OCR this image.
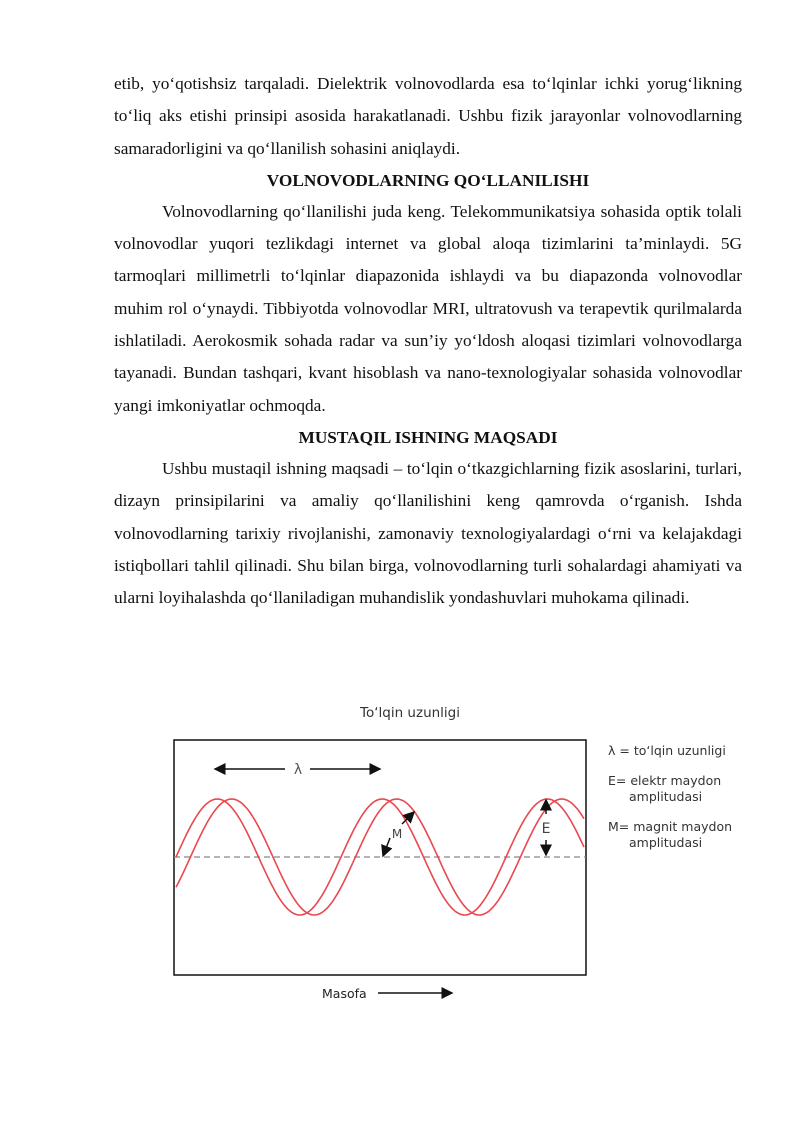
etib, yo‘qotishsiz tarqaladi. Dielektrik volnovodlarda esa to‘lqinlar ichki yorug‘likning to‘liq aks etishi prinsipi asosida harakatlanadi. Ushbu fizik jarayonlar volnovodlarning samaradorligini va qo‘llanilish sohasini aniqlaydi.

VOLNOVODLARNING QO‘LLANILISHI

Volnovodlarning qo‘llanilishi juda keng. Telekommunikatsiya sohasida optik tolali volnovodlar yuqori tezlikdagi internet va global aloqa tizimlarini ta’minlaydi. 5G tarmoqlari millimetrli to‘lqinlar diapazonida ishlaydi va bu diapazonda volnovodlar muhim rol o‘ynaydi. Tibbiyotda volnovodlar MRI, ultratovush va terapevtik qurilmalarda ishlatiladi. Aerokosmik sohada radar va sun’iy yo‘ldosh aloqasi tizimlari volnovodlarga tayanadi. Bundan tashqari, kvant hisoblash va nano-texnologiyalar sohasida volnovodlar yangi imkoniyatlar ochmoqda.

MUSTAQIL ISHNING MAQSADI

Ushbu mustaqil ishning maqsadi – to‘lqin o‘tkazgichlarning fizik asoslarini, turlari, dizayn prinsipilarini va amaliy qo‘llanilishini keng qamrovda o‘rganish. Ishda volnovodlarning tarixiy rivojlanishi, zamonaviy texnologiyalardagi o‘rni va kelajakdagi istiqbollari tahlil qilinadi. Shu bilan birga, volnovodlarning turli sohalardagi ahamiyati va ularni loyihalashda qo‘llaniladigan muhandislik yondashuvlari muhokama qilinadi.

To‘lqin uzunligi
λ
E
M
λ = to‘lqin uzunligi
E= elektr maydon
amplitudasi
M= magnit maydon
amplitudasi
Masofa
